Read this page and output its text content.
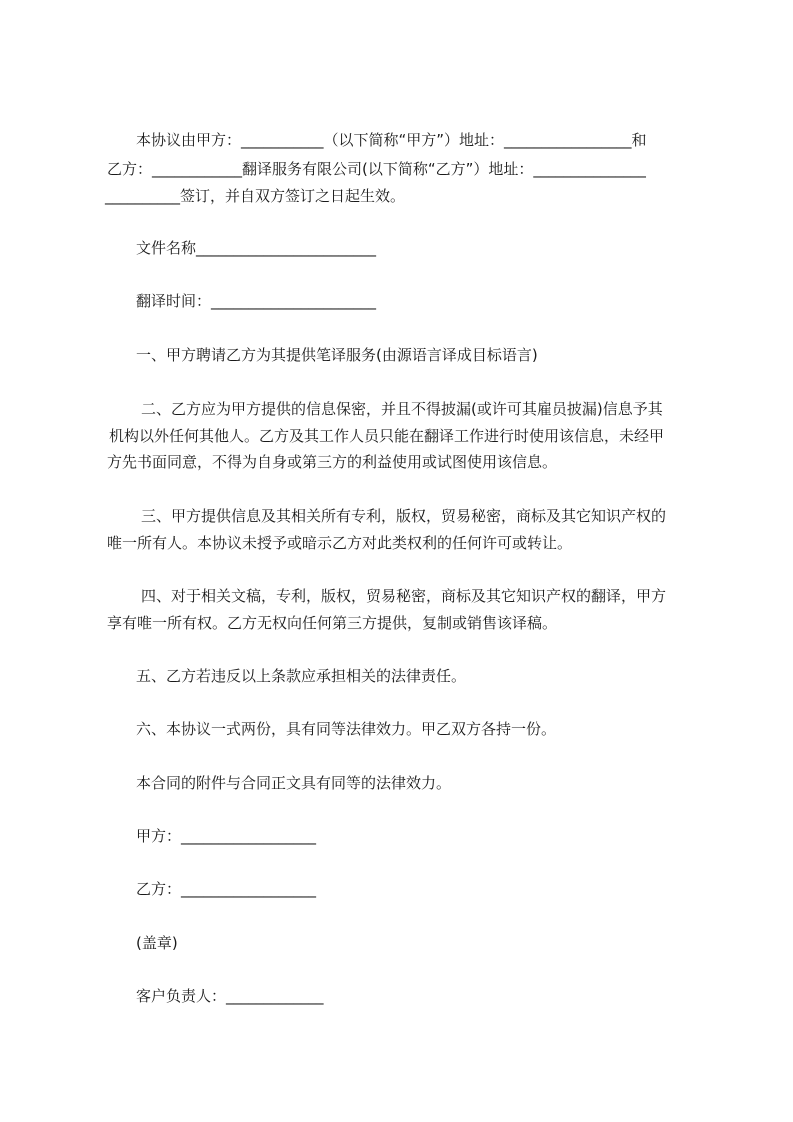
本协议由甲方：___________（以下简称“甲方”）地址：_________________和
乙方：____________翻译服务有限公司(以下简称“乙方”）地址：_______________
__________签订，并自双方签订之日起生效。
文件名称________________________
翻译时间：______________________
一、甲方聘请乙方为其提供笔译服务(由源语言译成目标语言)
二、乙方应为甲方提供的信息保密，并且不得披漏(或许可其雇员披漏)信息予其
机构以外任何其他人。乙方及其工作人员只能在翻译工作进行时使用该信息，未经甲
方先书面同意，不得为自身或第三方的利益使用或试图使用该信息。
三、甲方提供信息及其相关所有专利，版权，贸易秘密，商标及其它知识产权的
唯一所有人。本协议未授予或暗示乙方对此类权利的任何许可或转让。
四、对于相关文稿，专利，版权，贸易秘密，商标及其它知识产权的翻译，甲方
享有唯一所有权。乙方无权向任何第三方提供，复制或销售该译稿。
五、乙方若违反以上条款应承担相关的法律责任。
六、本协议一式两份，具有同等法律效力。甲乙双方各持一份。
本合同的附件与合同正文具有同等的法律效力。
甲方：__________________
乙方：__________________
(盖章)
客户负责人：_____________
